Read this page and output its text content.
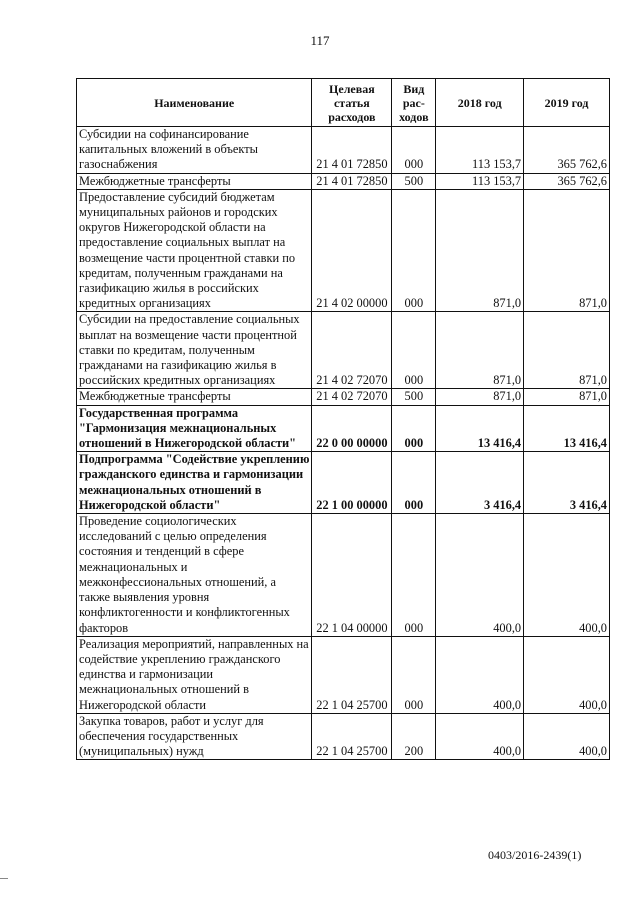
117
Наименование	Целевая статья расходов	Вид рас-ходов	2018 год	2019 год
Субсидии на софинансирование капитальных вложений в объекты газоснабжения	21 4 01 72850	000	113 153,7	365 762,6
Межбюджетные трансферты	21 4 01 72850	500	113 153,7	365 762,6
Предоставление субсидий бюджетам муниципальных районов и городских округов Нижегородской области на предоставление социальных выплат на возмещение части процентной ставки по кредитам, полученным гражданами на газификацию жилья в российских кредитных организациях	21 4 02 00000	000	871,0	871,0
Субсидии на предоставление социальных выплат на возмещение части процентной ставки по кредитам, полученным гражданами на газификацию жилья в российских кредитных организациях	21 4 02 72070	000	871,0	871,0
Межбюджетные трансферты	21 4 02 72070	500	871,0	871,0
Государственная программа "Гармонизация межнациональных отношений в Нижегородской области"	22 0 00 00000	000	13 416,4	13 416,4
Подпрограмма "Содействие укреплению гражданского единства и гармонизации межнациональных отношений в Нижегородской области"	22 1 00 00000	000	3 416,4	3 416,4
Проведение социологических исследований с целью определения состояния и тенденций в сфере межнациональных и межконфессиональных отношений, а также выявления уровня конфликтогенности и конфликтогенных факторов	22 1 04 00000	000	400,0	400,0
Реализация мероприятий, направленных на содействие укреплению гражданского единства и гармонизации межнациональных отношений в Нижегородской области	22 1 04 25700	000	400,0	400,0
Закупка товаров, работ и услуг для обеспечения государственных (муниципальных) нужд	22 1 04 25700	200	400,0	400,0
0403/2016-2439(1)
